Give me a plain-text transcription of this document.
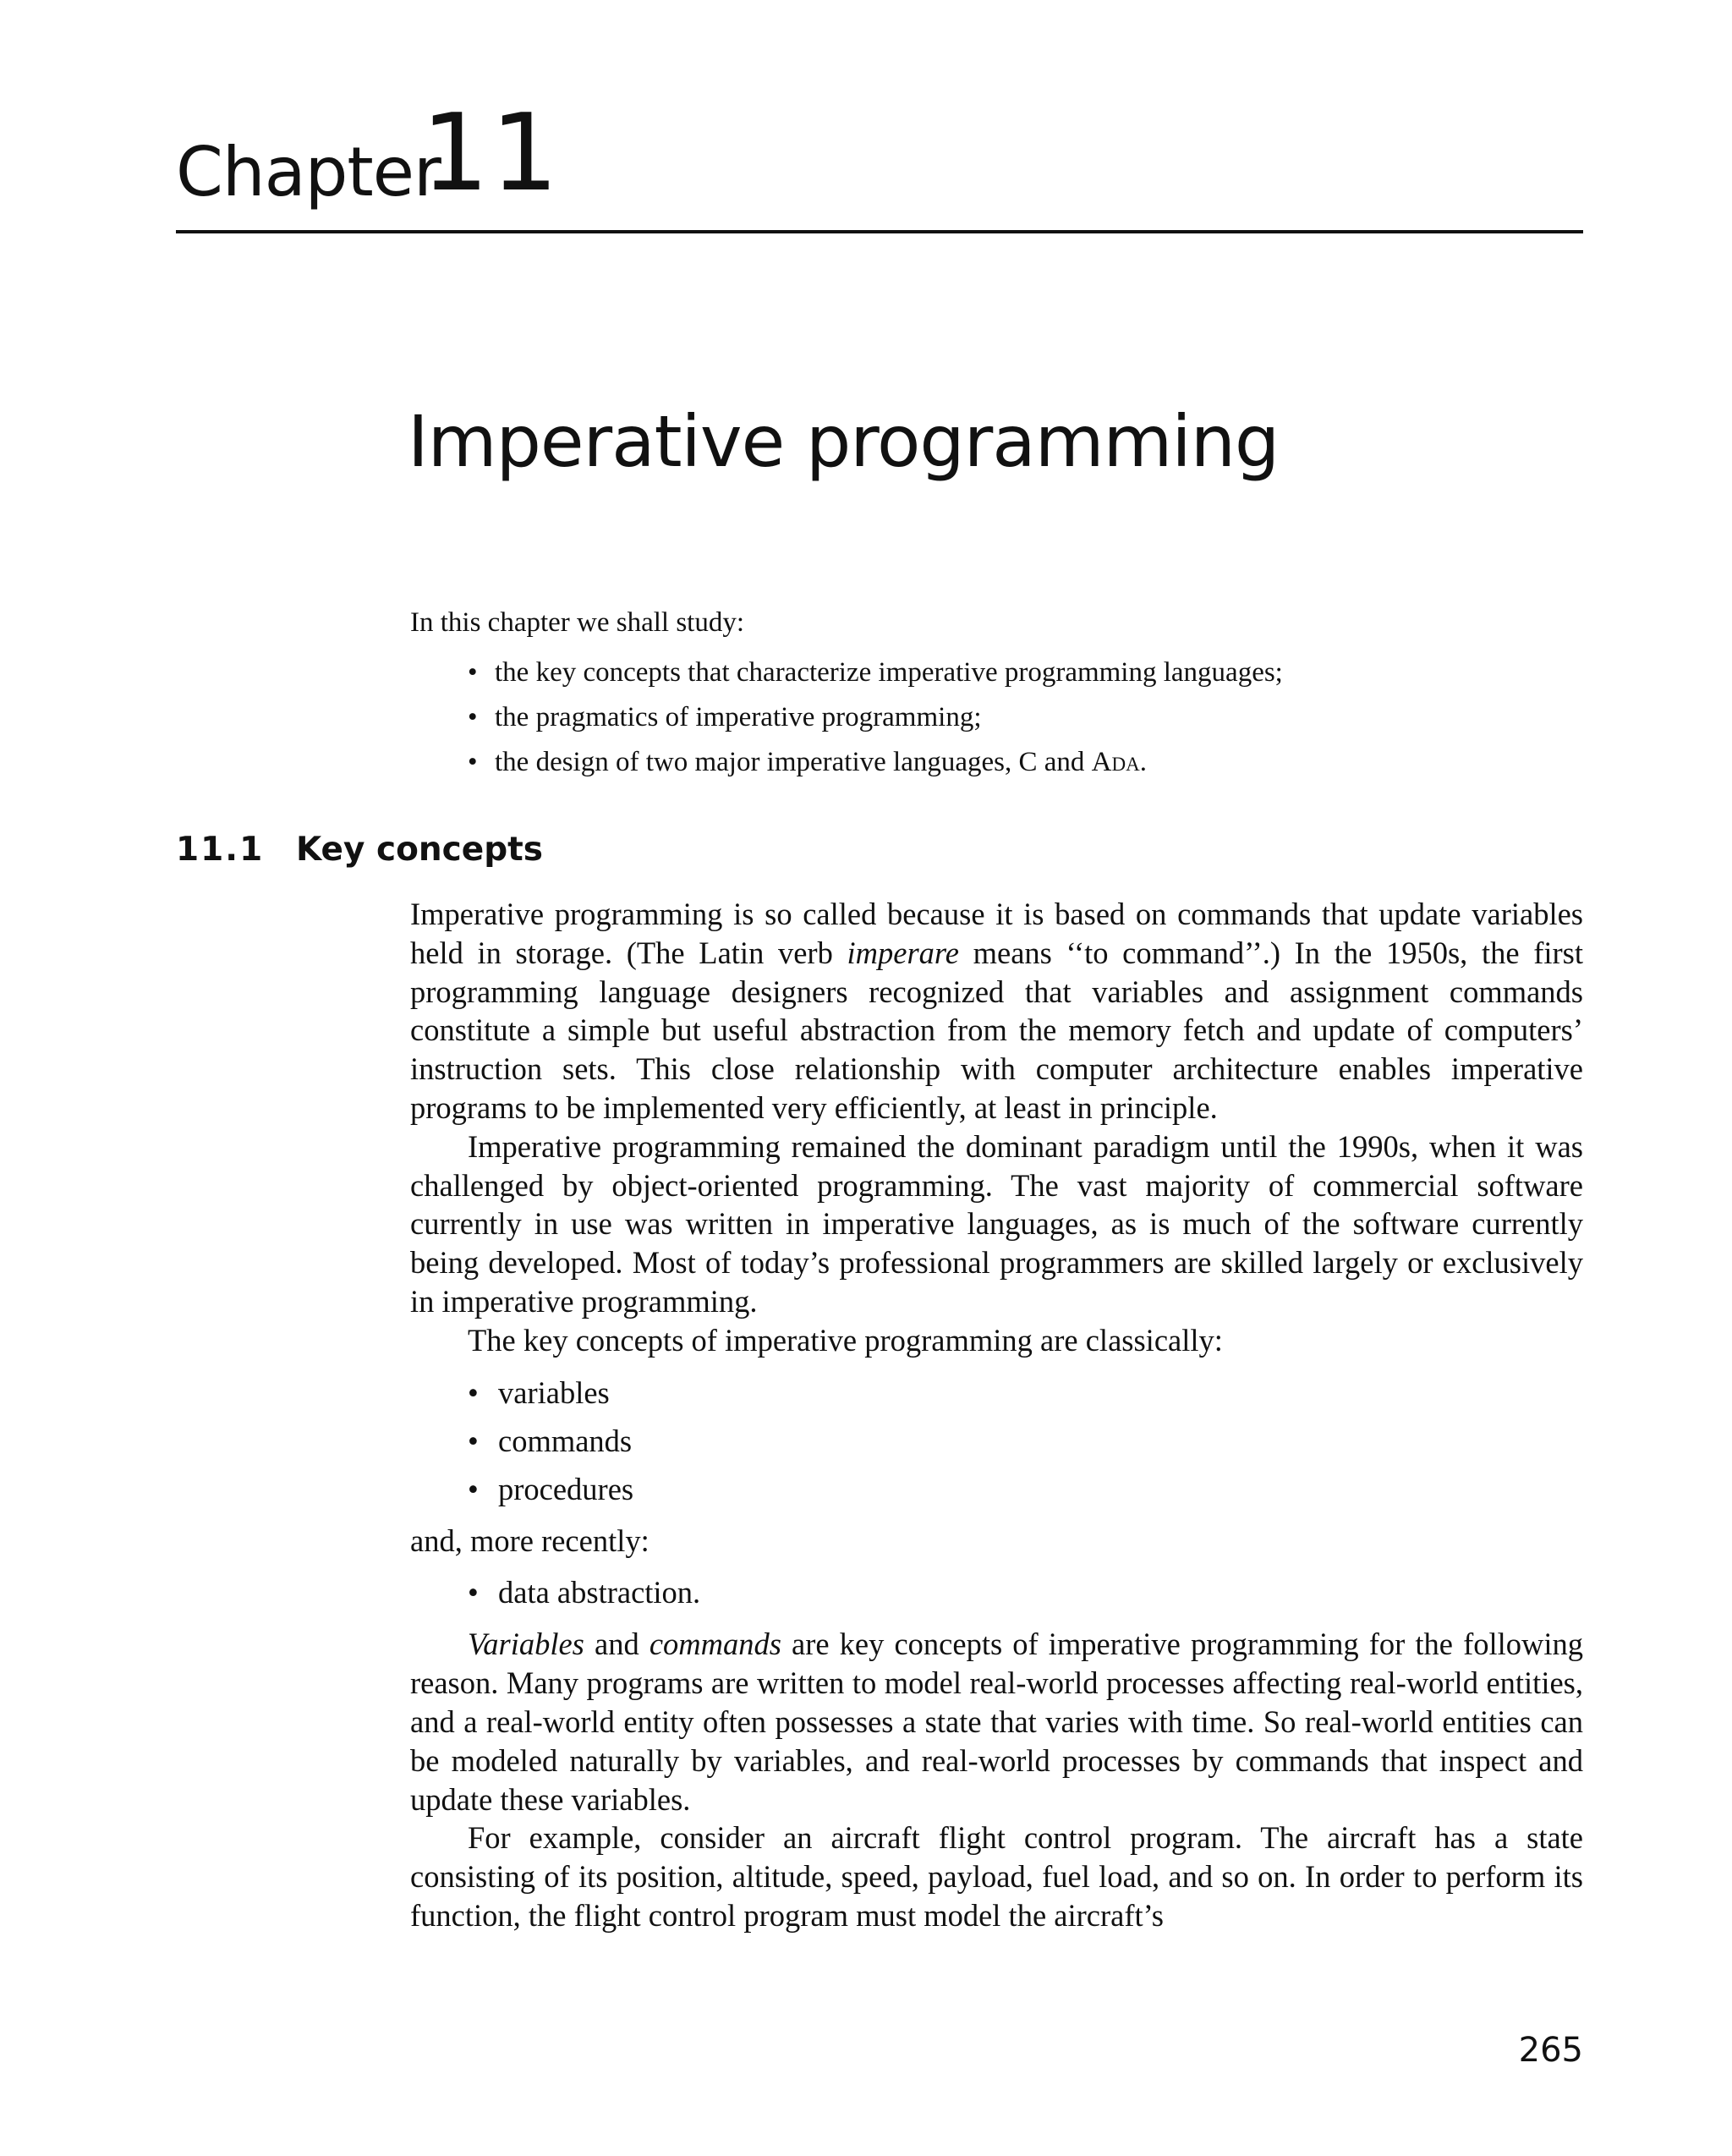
Chapter
11
Imperative programming

In this chapter we shall study:

• the key concepts that characterize imperative programming languages;
• the pragmatics of imperative programming;
• the design of two major imperative languages, C and Ada.
11.1 Key concepts

Imperative programming is so called because it is based on commands that update variables held in storage. (The Latin verb imperare means ‘‘to command’’.) In the 1950s, the first programming language designers recognized that variables and assignment commands constitute a simple but useful abstraction from the memory fetch and update of computers’ instruction sets. This close relationship with computer architecture enables imperative programs to be implemented very efficiently, at least in principle.

Imperative programming remained the dominant paradigm until the 1990s, when it was challenged by object-oriented programming. The vast majority of commercial software currently in use was written in imperative languages, as is much of the software currently being developed. Most of today’s professional programmers are skilled largely or exclusively in imperative programming.

The key concepts of imperative programming are classically:

• variables
• commands
• procedures

and, more recently:

• data abstraction.

Variables and commands are key concepts of imperative programming for the following reason. Many programs are written to model real-world processes affecting real-world entities, and a real-world entity often possesses a state that varies with time. So real-world entities can be modeled naturally by variables, and real-world processes by commands that inspect and update these variables.

For example, consider an aircraft flight control program. The aircraft has a state consisting of its position, altitude, speed, payload, fuel load, and so on. In order to perform its function, the flight control program must model the aircraft’s

265
